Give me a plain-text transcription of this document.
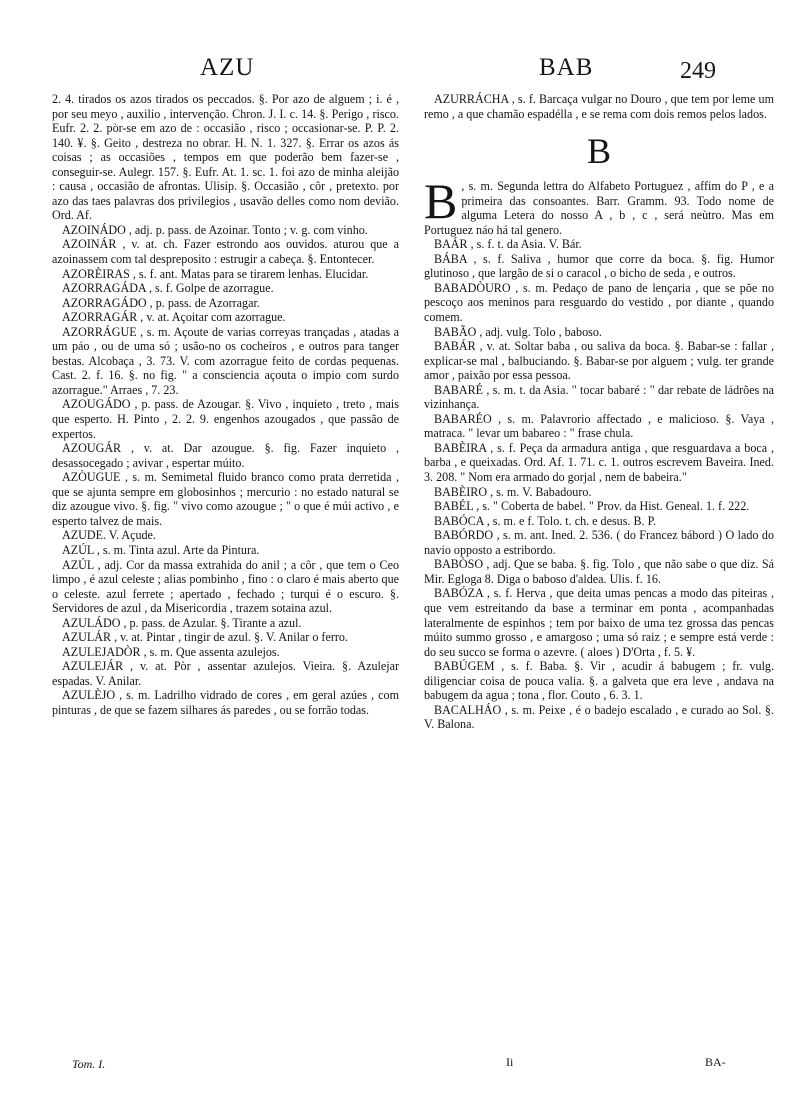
AZU	BAB	249

2. 4. tirados os azos tirados os peccados. §. Por azo de alguem ; i. é , por seu meyo , auxilio , intervenção. Chron. J. I. c. 14. §. Perigo , risco. Eufr. 2. 2. pòr-se em azo de : occasião , risco ; occasionar-se. P. P. 2. 140. ¥. §. Geito , destreza no obrar. H. N. 1. 327. §. Errar os azos ás coisas ; as occasiões , tempos em que poderão bem fazer-se , conseguir-se. Aulegr. 157. §. Eufr. At. 1. sc. 1. foi azo de minha aleijão : causa , occasião de afrontas. Ulisip. §. Occasião , côr , pretexto. por azo das taes palavras dos privilegios , usavão delles como nom devião. Ord. Af.

AZOINÁDO , adj. p. pass. de Azoinar. Tonto ; v. g. com vinho.

AZOINÁR , v. at. ch. Fazer estrondo aos ouvidos. aturou que a azoinassem com tal despreposito : estrugir a cabeça. §. Entontecer.

AZORÈIRAS , s. f. ant. Matas para se tirarem lenhas. Elucidar.

AZORRAGÁDA , s. f. Golpe de azorrague.

AZORRAGÁDO , p. pass. de Azorragar.

AZORRAGÁR , v. at. Açoitar com azorrague.

AZORRÁGUE , s. m. Açoute de varias correyas trançadas , atadas a um páo , ou de uma só ; usão-no os cocheiros , e outros para tanger bestas. Alcobaça , 3. 73. V. com azorrague feito de cordas pequenas. Cast. 2. f. 16. §. no fig. " a consciencia açouta o impio com surdo azorrague." Arraes , 7. 23.

AZOUGÁDO , p. pass. de Azougar. §. Vivo , inquieto , treto , mais que esperto. H. Pinto , 2. 2. 9. engenhos azougados , que passão de expertos.

AZOUGÁR , v. at. Dar azougue. §. fig. Fazer inquieto , desassocegado ; avivar , espertar múito.

AZÒUGUE , s. m. Semimetal fluido branco como prata derretida , que se ajunta sempre em globosinhos ; mercurio : no estado natural se diz azougue vivo. §. fig. " vivo como azougue ; " o que é múi activo , e esperto talvez de mais.

AZUDE. V. Açude.

AZÚL , s. m. Tinta azul. Arte da Pintura.

AZÚL , adj. Cor da massa extrahida do anil ; a côr , que tem o Ceo limpo , é azul celeste ; alias pombinho , fino : o claro é mais aberto que o celeste. azul ferrete ; apertado , fechado ; turqui é o escuro. §. Servidores de azul , da Misericordia , trazem sotaina azul.

AZULÁDO , p. pass. de Azular. §. Tirante a azul.

AZULÁR , v. at. Pintar , tingir de azul. §. V. Anilar o ferro.

AZULEJADÒR , s. m. Que assenta azulejos.

AZULEJÁR , v. at. Pòr , assentar azulejos. Vieira. §. Azulejar espadas. V. Anilar.

AZULÈJO , s. m. Ladrilho vidrado de cores , em geral azúes , com pinturas , de que se fazem silhares ás paredes , ou se forrão todas.

AZURRÁCHA , s. f. Barcaça vulgar no Douro , que tem por leme um remo , a que chamão espadélla , e se rema com dois remos pelos lados.

B

B , s. m. Segunda lettra do Alfabeto Portuguez , affim do P , e a primeira das consoantes. Barr. Gramm. 93. Todo nome de alguma Letera do nosso A , b , c , será neùtro. Mas em Portuguez náo há tal genero.

BAÁR , s. f. t. da Asia. V. Bár.

BÁBA , s. f. Saliva , humor que corre da boca. §. fig. Humor glutinoso , que largão de si o caracol , o bicho de seda , e outros.

BABADÒURO , s. m. Pedaço de pano de lençaria , que se põe no pescoço aos meninos para resguardo do vestido , por diante , quando comem.

BABÃO , adj. vulg. Tolo , baboso.

BABÁR , v. at. Soltar baba , ou saliva da boca. §. Babar-se : fallar , explicar-se mal , balbuciando. §. Babar-se por alguem ; vulg. ter grande amor , paixão por essa pessoa.

BABARÉ , s. m. t. da Asia. " tocar babaré : " dar rebate de ládrões na vizinhança.

BABARÉO , s. m. Palavrorio affectado , e malicioso. §. Vaya , matraca. " levar um babareo : " frase chula.

BABÈIRA , s. f. Peça da armadura antiga , que resguardava a boca , barba , e queixadas. Ord. Af. 1. 71. c. 1. outros escrevem Baveira. Ined. 3. 208. " Nom era armado do gorjal , nem de babeira."

BABÈIRO , s. m. V. Babadouro.

BABÉL , s. " Coberta de babel. " Prov. da Hist. Geneal. 1. f. 222.

BABÓCA , s. m. e f. Tolo. t. ch. e desus. B. P.

BABÓRDO , s. m. ant. Ined. 2. 536. ( do Francez bábord ) O lado do navio opposto a estribordo.

BABÒSO , adj. Que se baba. §. fig. Tolo , que não sabe o que diz. Sá Mir. Egloga 8. Diga o baboso d'aldea. Ulis. f. 16.

BABÓZA , s. f. Herva , que deita umas pencas a modo das piteiras , que vem estreitando da base a terminar em ponta , acompanhadas lateralmente de espinhos ; tem por baixo de uma tez grossa das pencas múito summo grosso , e amargoso ; uma só raiz ; e sempre está verde : do seu succo se forma o azevre. ( aloes ) D'Orta , f. 5. ¥.

BABÚGEM , s. f. Baba. §. Vir , acudir á babugem ; fr. vulg. diligenciar coisa de pouca valia. §. a galveta que era leve , andava na babugem da agua ; tona , flor. Couto , 6. 3. 1.

BACALHÁO , s. m. Peixe , é o badejo escalado , e curado ao Sol. §. V. Balona.

Tom. I.	Ii	BA-
